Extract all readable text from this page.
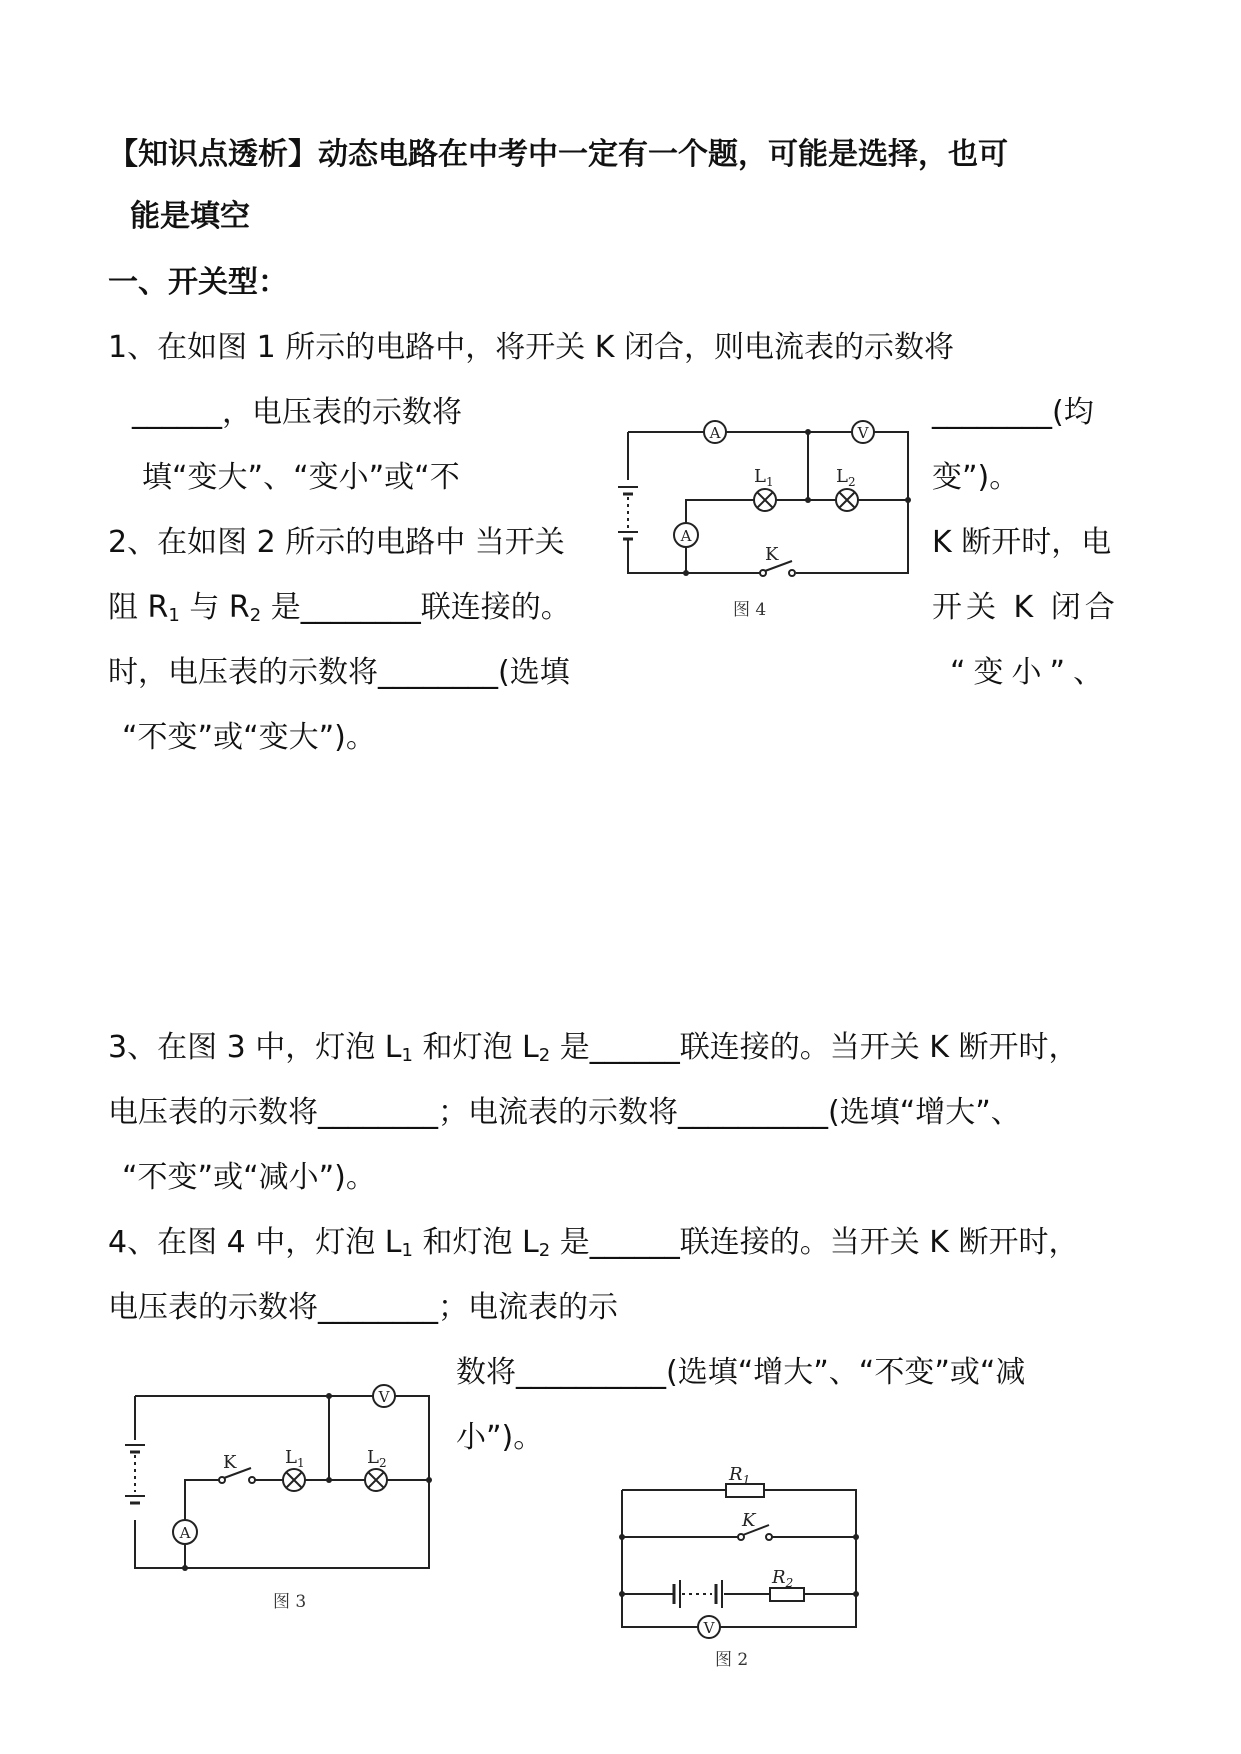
【知识点透析】动态电路在中考中一定有一个题，可能是选择，也可

能是填空

一、开关型：

1、在如图 1 所示的电路中，将开关 K 闭合，则电流表的示数将

______，电压表的示数将	________(均

填“变大”、“变小”或“不	变”)。

2、在如图 2 所示的电路中 当开关	K 断开时，电

阻 $R_1$ 与 $R_2$ 是________联连接的。	开关 K 闭合

时，电压表的示数将________(选填	“变小”、

“不变”或“变大”)。

3、在图 3 中，灯泡 $L_1$ 和灯泡 $L_2$ 是______联连接的。当开关 K 断开时，

电压表的示数将________；电流表的示数将__________(选填“增大”、

“不变”或“减小”)。

4、在图 4 中，灯泡 $L_1$ 和灯泡 $L_2$ 是______联连接的。当开关 K 断开时，

电压表的示数将________；电流表的示

数将__________(选填“增大”、“不变”或“减

小”)。

A	V
A
$L_1$	$L_2$
K

图 4

V
A
K	$L_1$	$L_2$

图 3

$R_1$
K
$R_2$
V

图 2
